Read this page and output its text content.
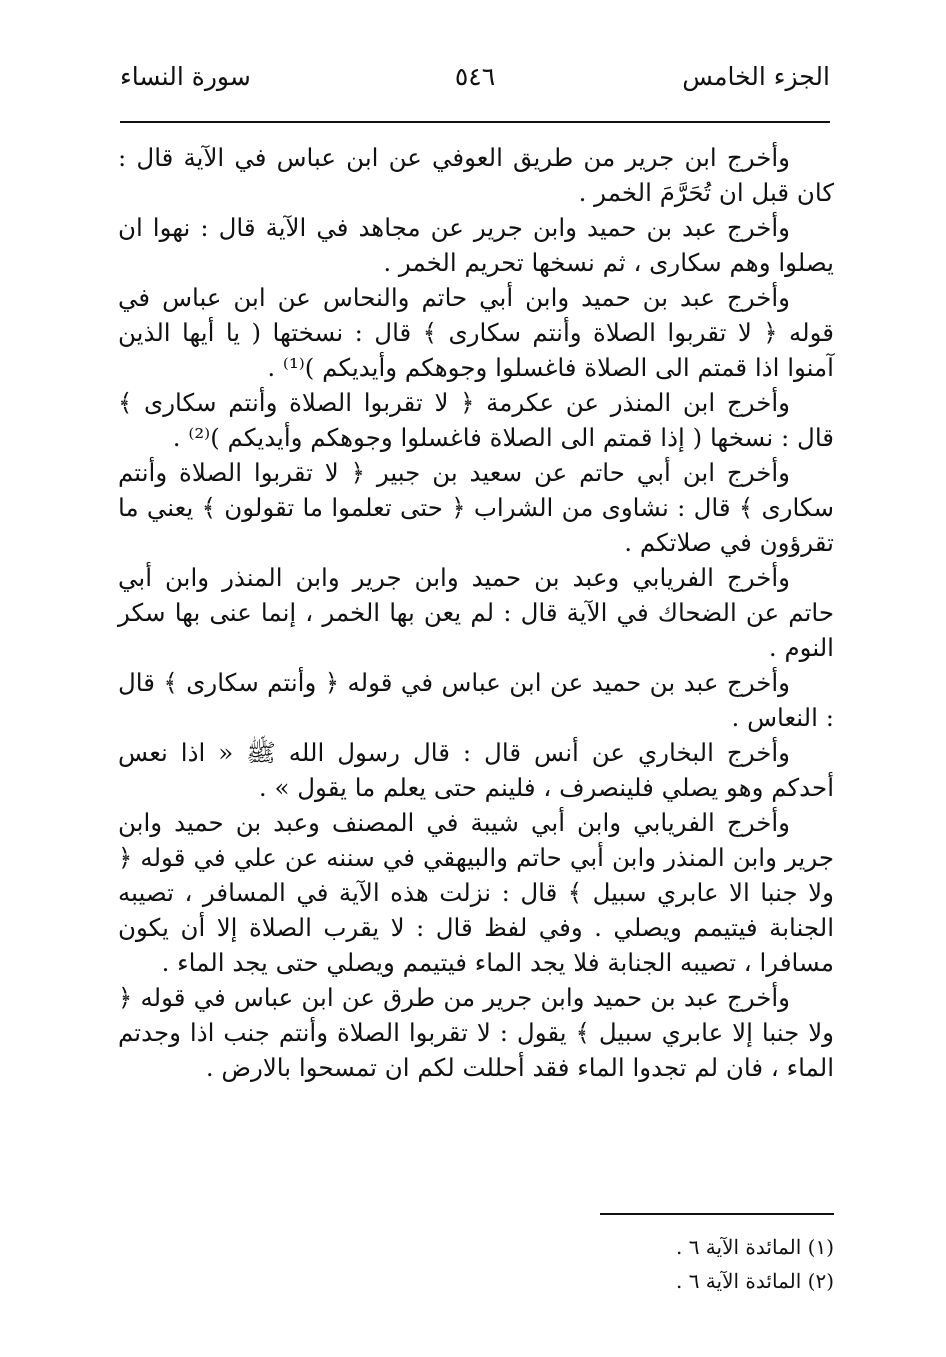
الجزء الخامس
٥٤٦
سورة النساء

وأخرج ابن جرير من طريق العوفي عن ابن عباس في الآية قال : كان قبل ان تُحَرَّمَ الخمر .

وأخرج عبد بن حميد وابن جرير عن مجاهد في الآية قال : نهوا ان يصلوا وهم سكارى ، ثم نسخها تحريم الخمر .

وأخرج عبد بن حميد وابن أبي حاتم والنحاس عن ابن عباس في قوله ﴿ لا تقربوا الصلاة وأنتم سكارى ﴾ قال : نسختها ( يا أيها الذين آمنوا اذا قمتم الى الصلاة فاغسلوا وجوهكم وأيديكم )⁽¹⁾ .

وأخرج ابن المنذر عن عكرمة ﴿ لا تقربوا الصلاة وأنتم سكارى ﴾ قال : نسخها ( إذا قمتم الى الصلاة فاغسلوا وجوهكم وأيديكم )⁽²⁾ .

وأخرج ابن أبي حاتم عن سعيد بن جبير ﴿ لا تقربوا الصلاة وأنتم سكارى ﴾ قال : نشاوى من الشراب ﴿ حتى تعلموا ما تقولون ﴾ يعني ما تقرؤون في صلاتكم .

وأخرج الفريابي وعبد بن حميد وابن جرير وابن المنذر وابن أبي حاتم عن الضحاك في الآية قال : لم يعن بها الخمر ، إنما عنى بها سكر النوم .

وأخرج عبد بن حميد عن ابن عباس في قوله ﴿ وأنتم سكارى ﴾ قال : النعاس .

وأخرج البخاري عن أنس قال : قال رسول الله ﷺ « اذا نعس أحدكم وهو يصلي فلينصرف ، فلينم حتى يعلم ما يقول » .

وأخرج الفريابي وابن أبي شيبة في المصنف وعبد بن حميد وابن جرير وابن المنذر وابن أبي حاتم والبيهقي في سننه عن علي في قوله ﴿ ولا جنبا الا عابري سبيل ﴾ قال : نزلت هذه الآية في المسافر ، تصيبه الجنابة فيتيمم ويصلي . وفي لفظ قال : لا يقرب الصلاة إلا أن يكون مسافرا ، تصيبه الجنابة فلا يجد الماء فيتيمم ويصلي حتى يجد الماء .

وأخرج عبد بن حميد وابن جرير من طرق عن ابن عباس في قوله ﴿ ولا جنبا إلا عابري سبيل ﴾ يقول : لا تقربوا الصلاة وأنتم جنب اذا وجدتم الماء ، فان لم تجدوا الماء فقد أحللت لكم ان تمسحوا بالارض .

(١) المائدة الآية ٦ .
(٢) المائدة الآية ٦ .
